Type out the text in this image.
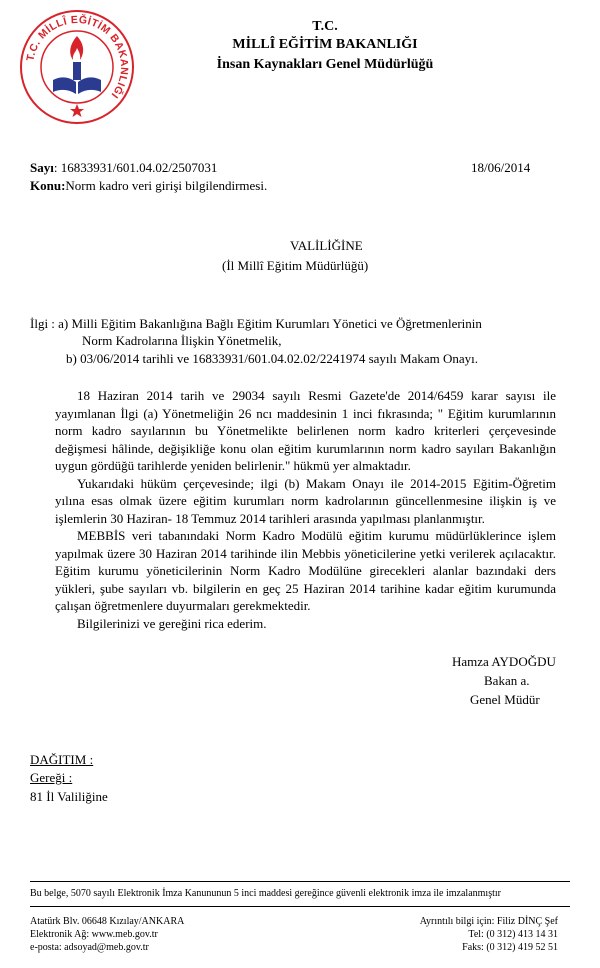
T.C. MİLLÎ EĞİTİM BAKANLIĞI
T.C.
MİLLÎ EĞİTİM BAKANLIĞI
İnsan Kaynakları Genel Müdürlüğü
Sayı: 16833931/601.04.02/2507031	18/06/2014
Konu:Norm kadro veri girişi bilgilendirmesi.
VALİLİĞİNE
(İl Millî Eğitim Müdürlüğü)
İlgi : a) Milli Eğitim Bakanlığına Bağlı Eğitim Kurumları Yönetici ve Öğretmenlerinin
Norm Kadrolarına İlişkin Yönetmelik,
b) 03/06/2014 tarihli ve 16833931/601.04.02.02/2241974 sayılı Makam Onayı.

18 Haziran 2014 tarih ve 29034 sayılı Resmi Gazete'de 2014/6459 karar sayısı ile yayımlanan İlgi (a) Yönetmeliğin 26 ncı maddesinin 1 inci fıkrasında; " Eğitim kurumlarının norm kadro sayılarının bu Yönetmelikte belirlenen norm kadro kriterleri çerçevesinde değişmesi hâlinde, değişikliğe konu olan eğitim kurumlarının norm kadro sayıları Bakanlığın uygun gördüğü tarihlerde yeniden belirlenir." hükmü yer almaktadır.

Yukarıdaki hüküm çerçevesinde; ilgi (b) Makam Onayı ile 2014-2015 Eğitim-Öğretim yılına esas olmak üzere eğitim kurumları norm kadrolarının güncellenmesine ilişkin iş ve işlemlerin 30 Haziran- 18 Temmuz 2014 tarihleri arasında yapılması planlanmıştır.

MEBBİS veri tabanındaki Norm Kadro Modülü eğitim kurumu müdürlüklerince işlem yapılmak üzere 30 Haziran 2014 tarihinde ilin Mebbis yöneticilerine yetki verilerek açılacaktır. Eğitim kurumu yöneticilerinin Norm Kadro Modülüne girecekleri alanlar bazındaki ders yükleri, şube sayıları vb. bilgilerin en geç 25 Haziran 2014 tarihine kadar eğitim kurumunda çalışan öğretmenlere duyurmaları gerekmektedir.

Bilgilerinizi ve gereğini rica ederim.

Hamza AYDOĞDU
Bakan a.
Genel Müdür
DAĞITIM :
Gereği :
81 İl Valiliğine
Bu belge, 5070 sayılı Elektronik İmza Kanununun 5 inci maddesi gereğince güvenli elektronik imza ile imzalanmıştır
Atatürk Blv. 06648 Kızılay/ANKARA
Elektronik Ağ: www.meb.gov.tr
e-posta: adsoyad@meb.gov.tr
Ayrıntılı bilgi için: Filiz DİNÇ Şef
Tel: (0 312) 413 14 31
Faks: (0 312) 419 52 51
